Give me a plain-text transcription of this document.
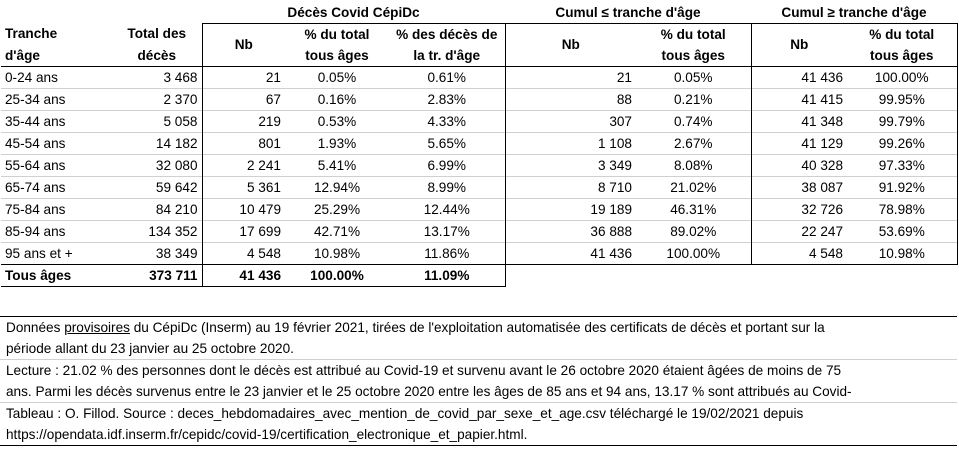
		Décès Covid CépiDc			Cumul ≤ tranche d'âge		Cumul ≥ tranche d'âge	
Tranche	Total des	Nb	% du total	% des décès de	Nb	% du total	Nb	% du total
d'âge	décès		tous âges	la tr. d'âge		tous âges		tous âges
0-24 ans	3 468	21	0.05%	0.61%	21	0.05%	41 436	100.00%
25-34 ans	2 370	67	0.16%	2.83%	88	0.21%	41 415	99.95%
35-44 ans	5 058	219	0.53%	4.33%	307	0.74%	41 348	99.79%
45-54 ans	14 182	801	1.93%	5.65%	1 108	2.67%	41 129	99.26%
55-64 ans	32 080	2 241	5.41%	6.99%	3 349	8.08%	40 328	97.33%
65-74 ans	59 642	5 361	12.94%	8.99%	8 710	21.02%	38 087	91.92%
75-84 ans	84 210	10 479	25.29%	12.44%	19 189	46.31%	32 726	78.98%
85-94 ans	134 352	17 699	42.71%	13.17%	36 888	89.02%	22 247	53.69%
95 ans et +	38 349	4 548	10.98%	11.86%	41 436	100.00%	4 548	10.98%
Tous âges	373 711	41 436	100.00%	11.09%				
Données provisoires du CépiDc (Inserm) au 19 février 2021, tirées de l'exploitation automatisée des certificats de décès et portant sur la
période allant du 23 janvier au 25 octobre 2020.
Lecture : 21.02 % des personnes dont le décès est attribué au Covid-19 et survenu avant le 26 octobre 2020 étaient âgées de moins de 75
ans. Parmi les décès survenus entre le 23 janvier et le 25 octobre 2020 entre les âges de 85 ans et 94 ans, 13.17 % sont attribués au Covid-
Tableau : O. Fillod. Source : deces_hebdomadaires_avec_mention_de_covid_par_sexe_et_age.csv téléchargé le 19/02/2021 depuis
https://opendata.idf.inserm.fr/cepidc/covid-19/certification_electronique_et_papier.html.
